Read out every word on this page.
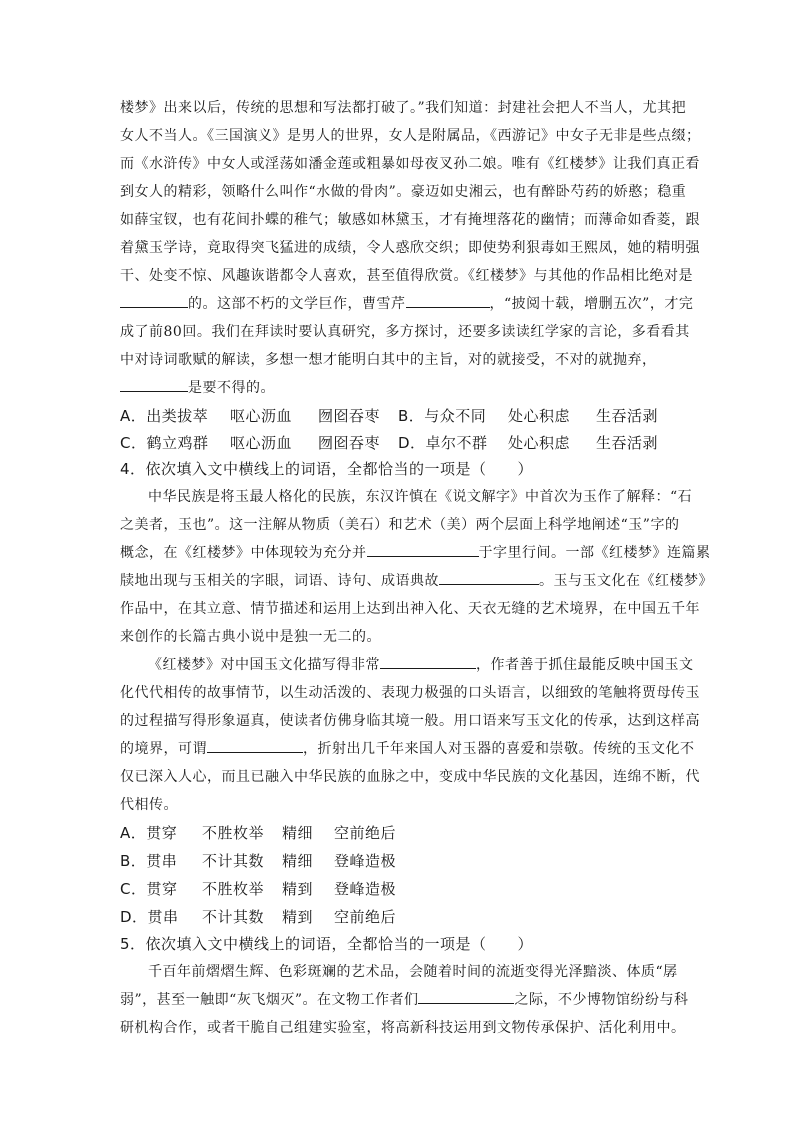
楼梦》出来以后，传统的思想和写法都打破了。”我们知道：封建社会把人不当人，尤其把
女人不当人。《三国演义》是男人的世界，女人是附属品，《西游记》中女子无非是些点缀；
而《水浒传》中女人或淫荡如潘金莲或粗暴如母夜叉孙二娘。唯有《红楼梦》让我们真正看
到女人的精彩，领略什么叫作“水做的骨肉”。豪迈如史湘云，也有醉卧芍药的娇憨；稳重
如薛宝钗，也有花间扑蝶的稚气；敏感如林黛玉，才有掩埋落花的幽情；而薄命如香菱，跟
着黛玉学诗，竟取得突飞猛进的成绩，令人惑欣交织；即使势利狠毒如王熙凤，她的精明强
干、处变不惊、风趣诙谐都令人喜欢，甚至值得欣赏。《红楼梦》与其他的作品相比绝对是
的。这部不朽的文学巨作，曹雪芹	，“披阅十载，增删五次”，才完
成了前80回。我们在拜读时要认真研究，多方探讨，还要多读读红学家的言论，多看看其
中对诗词歌赋的解读，多想一想才能明白其中的主旨，对的就接受，不对的就抛弃，
是要不得的。
A．出类拔萃 呕心沥血 囫囵吞枣 B．与众不同 处心积虑 生吞活剥
C．鹤立鸡群 呕心沥血 囫囵吞枣 D．卓尔不群 处心积虑 生吞活剥
4．依次填入文中横线上的词语，全都恰当的一项是（　　）
中华民族是将玉最人格化的民族，东汉许慎在《说文解字》中首次为玉作了解释：“石
之美者，玉也”。这一注解从物质（美石）和艺术（美）两个层面上科学地阐述“玉”字的
概念，在《红楼梦》中体现较为充分并	于字里行间。一部《红楼梦》连篇累
牍地出现与玉相关的字眼，词语、诗句、成语典故	。玉与玉文化在《红楼梦》
作品中，在其立意、情节描述和运用上达到出神入化、天衣无缝的艺术境界，在中国五千年
来创作的长篇古典小说中是独一无二的。
《红楼梦》对中国玉文化描写得非常	，作者善于抓住最能反映中国玉文
化代代相传的故事情节，以生动活泼的、表现力极强的口头语言，以细致的笔触将贾母传玉
的过程描写得形象逼真，使读者仿佛身临其境一般。用口语来写玉文化的传承，达到这样高
的境界，可谓	，折射出几千年来国人对玉器的喜爱和崇敬。传统的玉文化不
仅已深入人心，而且已融入中华民族的血脉之中，变成中华民族的文化基因，连绵不断，代
代相传。
A．贯穿 不胜枚举 精细 空前绝后
B．贯串 不计其数 精细 登峰造极
C．贯穿 不胜枚举 精到 登峰造极
D．贯串 不计其数 精到 空前绝后
5．依次填入文中横线上的词语，全都恰当的一项是（　　）
千百年前熠熠生辉、色彩斑斓的艺术品，会随着时间的流逝变得光泽黯淡、体质“孱
弱”，甚至一触即“灰飞烟灭”。在文物工作者们	之际，不少博物馆纷纷与科
研机构合作，或者干脆自己组建实验室，将高新科技运用到文物传承保护、活化利用中。
